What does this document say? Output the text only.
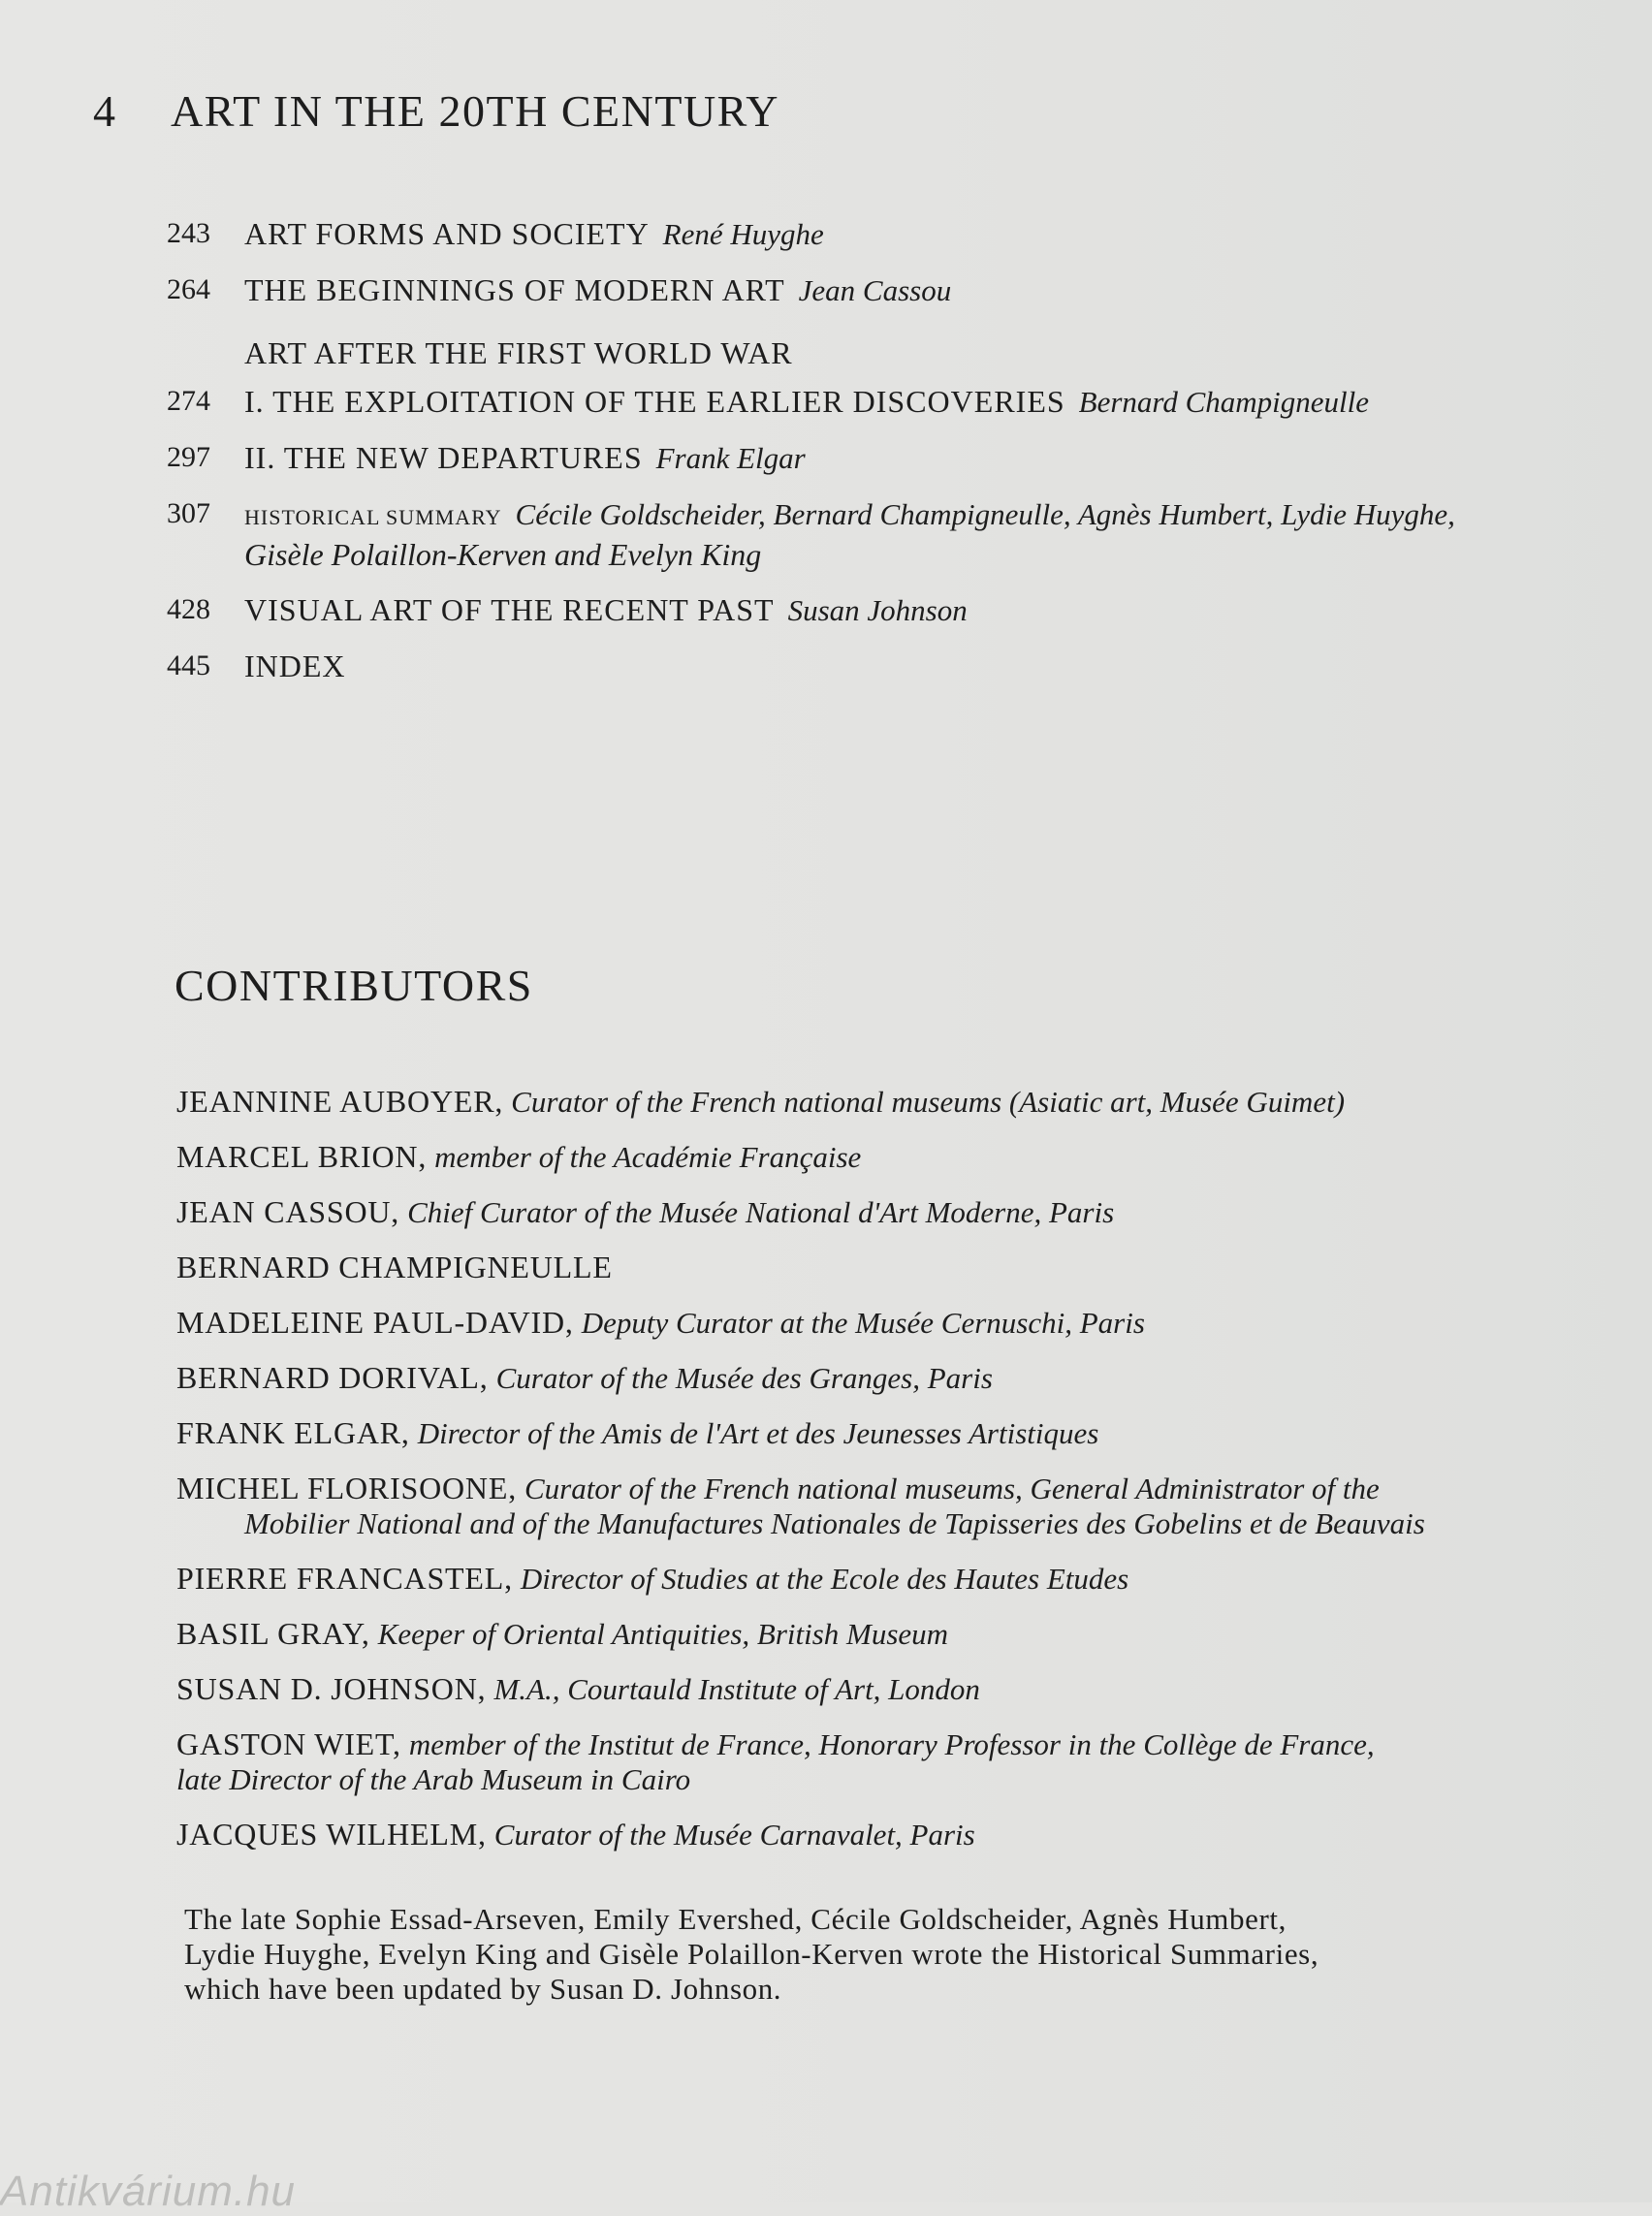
4	ART IN THE 20TH CENTURY
243	ART FORMS AND SOCIETY René Huyghe
264	THE BEGINNINGS OF MODERN ART Jean Cassou
ART AFTER THE FIRST WORLD WAR
274	I. THE EXPLOITATION OF THE EARLIER DISCOVERIES Bernard Champigneulle
297	II. THE NEW DEPARTURES Frank Elgar
307	HISTORICAL SUMMARY Cécile Goldscheider, Bernard Champigneulle, Agnès Humbert, Lydie Huyghe,
Gisèle Polaillon-Kerven and Evelyn King
428	VISUAL ART OF THE RECENT PAST Susan Johnson
445	INDEX
CONTRIBUTORS
JEANNINE AUBOYER, Curator of the French national museums (Asiatic art, Musée Guimet)
MARCEL BRION, member of the Académie Française
JEAN CASSOU, Chief Curator of the Musée National d'Art Moderne, Paris
BERNARD CHAMPIGNEULLE
MADELEINE PAUL-DAVID, Deputy Curator at the Musée Cernuschi, Paris
BERNARD DORIVAL, Curator of the Musée des Granges, Paris
FRANK ELGAR, Director of the Amis de l'Art et des Jeunesses Artistiques
MICHEL FLORISOONE, Curator of the French national museums, General Administrator of the
Mobilier National and of the Manufactures Nationales de Tapisseries des Gobelins et de Beauvais
PIERRE FRANCASTEL, Director of Studies at the Ecole des Hautes Etudes
BASIL GRAY, Keeper of Oriental Antiquities, British Museum
SUSAN D. JOHNSON, M.A., Courtauld Institute of Art, London
GASTON WIET, member of the Institut de France, Honorary Professor in the Collège de France,
late Director of the Arab Museum in Cairo
JACQUES WILHELM, Curator of the Musée Carnavalet, Paris
The late Sophie Essad-Arseven, Emily Evershed, Cécile Goldscheider, Agnès Humbert,
Lydie Huyghe, Evelyn King and Gisèle Polaillon-Kerven wrote the Historical Summaries,
which have been updated by Susan D. Johnson.
Antikvárium.hu
